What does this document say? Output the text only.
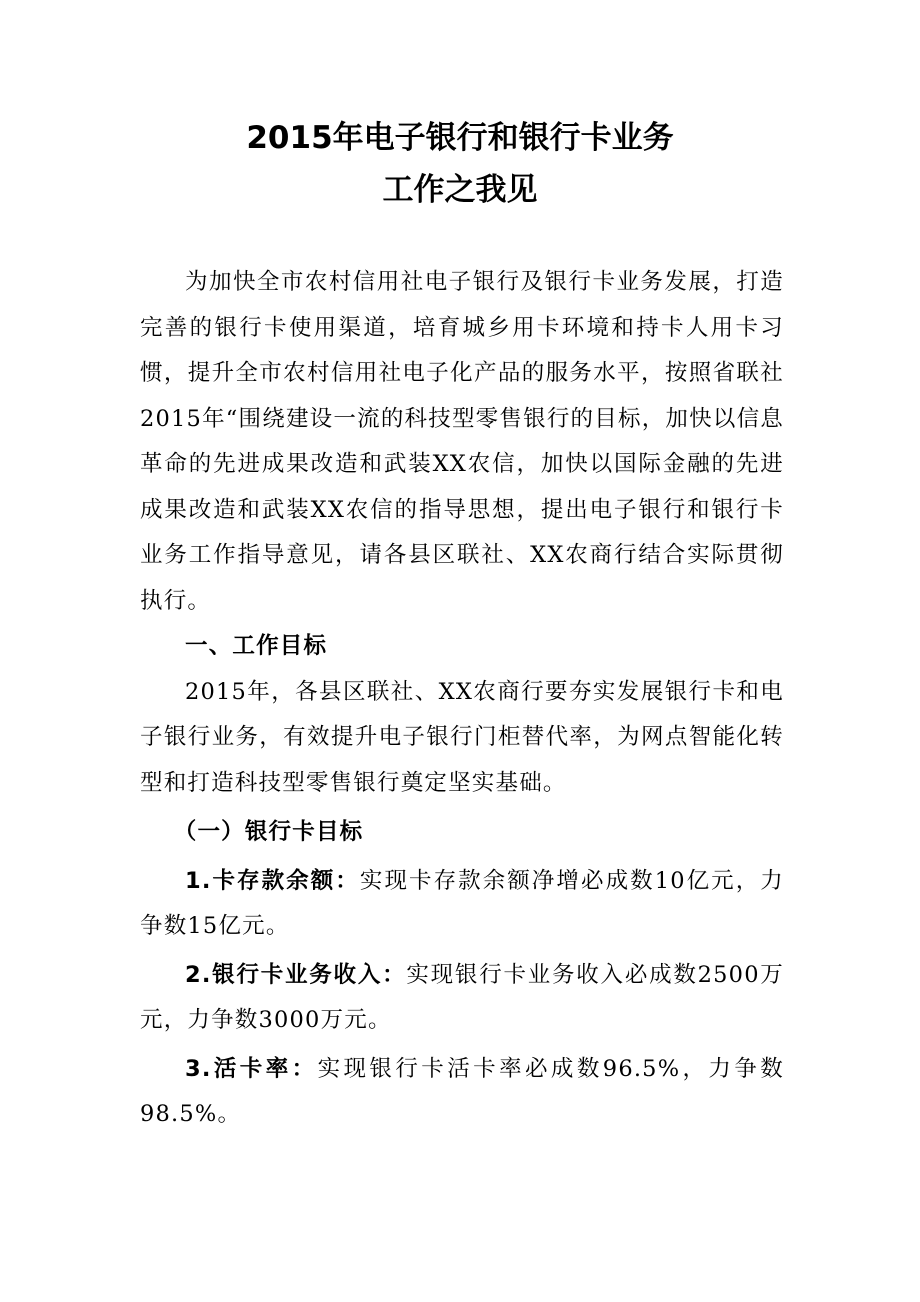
2015年电子银行和银行卡业务
工作之我见

为加快全市农村信用社电子银行及银行卡业务发展，打造完善的银行卡使用渠道，培育城乡用卡环境和持卡人用卡习惯，提升全市农村信用社电子化产品的服务水平，按照省联社2015年“围绕建设一流的科技型零售银行的目标，加快以信息革命的先进成果改造和武装XX农信，加快以国际金融的先进成果改造和武装XX农信的指导思想，提出电子银行和银行卡业务工作指导意见，请各县区联社、XX农商行结合实际贯彻执行。

一、工作目标

2015年，各县区联社、XX农商行要夯实发展银行卡和电子银行业务，有效提升电子银行门柜替代率，为网点智能化转型和打造科技型零售银行奠定坚实基础。

（一）银行卡目标

1.卡存款余额：实现卡存款余额净增必成数10亿元，力争数15亿元。

2.银行卡业务收入：实现银行卡业务收入必成数2500万元，力争数3000万元。

3.活卡率：实现银行卡活卡率必成数96.5%，力争数98.5%。
